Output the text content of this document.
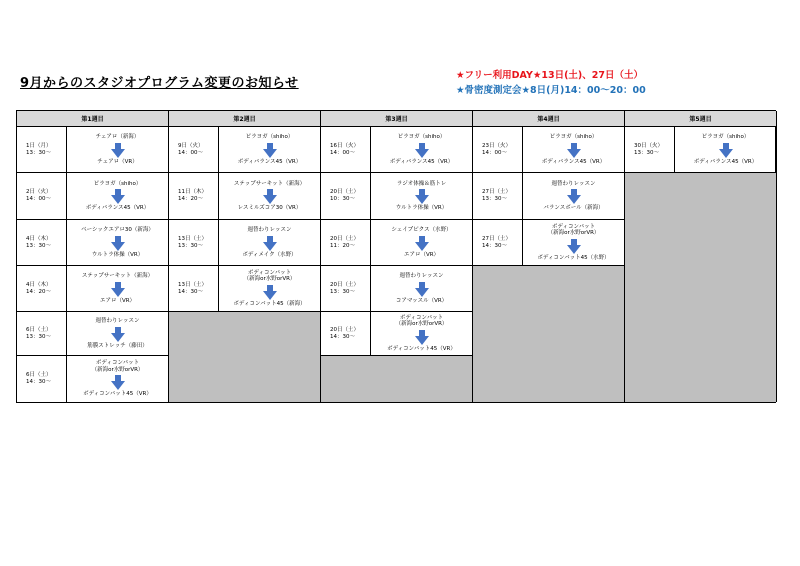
9月からのスタジオプログラム変更のお知らせ
★フリー利用DAY★13日(土)、27日（土）
★骨密度測定会★8日(月)14：00～20：00
第1週目
1日（月）
13：30～
チェアロ（新海）
チェアロ（VR）
2日（火）
14：00～
ピラヨガ（shiho）
ボディバランス45（VR）
4日（木）
13：30～
ベーシックエアロ30（新海）
ウルトラ体操（VR）
4日（木）
14：20～
ステップサーキット（新海）
エアロ（VR）
6日（土）
13：30～
週替わりレッスン
筋膜ストレッチ（藤田）
6日（土）
14：30～
ボディコンバット
（新海or水野orVR）
ボディコンバット45（VR）
第2週目
9日（火）
14：00～
ピラヨガ（shiho）
ボディバランス45（VR）
11日（木）
14：20～
ステップサーキット（新海）
レスミルズコア30（VR）
13日（土）
13：30～
週替わりレッスン
ボディメイク（水野）
13日（土）
14：30～
ボディコンバット
（新海or水野orVR）
ボディコンバット45（新海）
第3週目
16日（火）
14：00～
ピラヨガ（shiho）
ボディバランス45（VR）
20日（土）
10：30～
ラジオ体操＆筋トレ
ウルトラ体操（VR）
20日（土）
11：20～
シェイプピクス（水野）
エアロ（VR）
20日（土）
13：30～
週替わりレッスン
コアマッスル（VR）
20日（土）
14：30～
ボディコンバット
（新海or水野orVR）
ボディコンバット45（VR）
第4週目
23日（火）
14：00～
ピラヨガ（shiho）
ボディバランス45（VR）
27日（土）
13：30～
週替わりレッスン
バランスボール（新海）
27日（土）
14：30～
ボディコンバット
（新海or水野orVR）
ボディコンバット45（水野）
第5週目
30日（火）
13：30～
ピラヨガ（shiho）
ボディバランス45（VR）
